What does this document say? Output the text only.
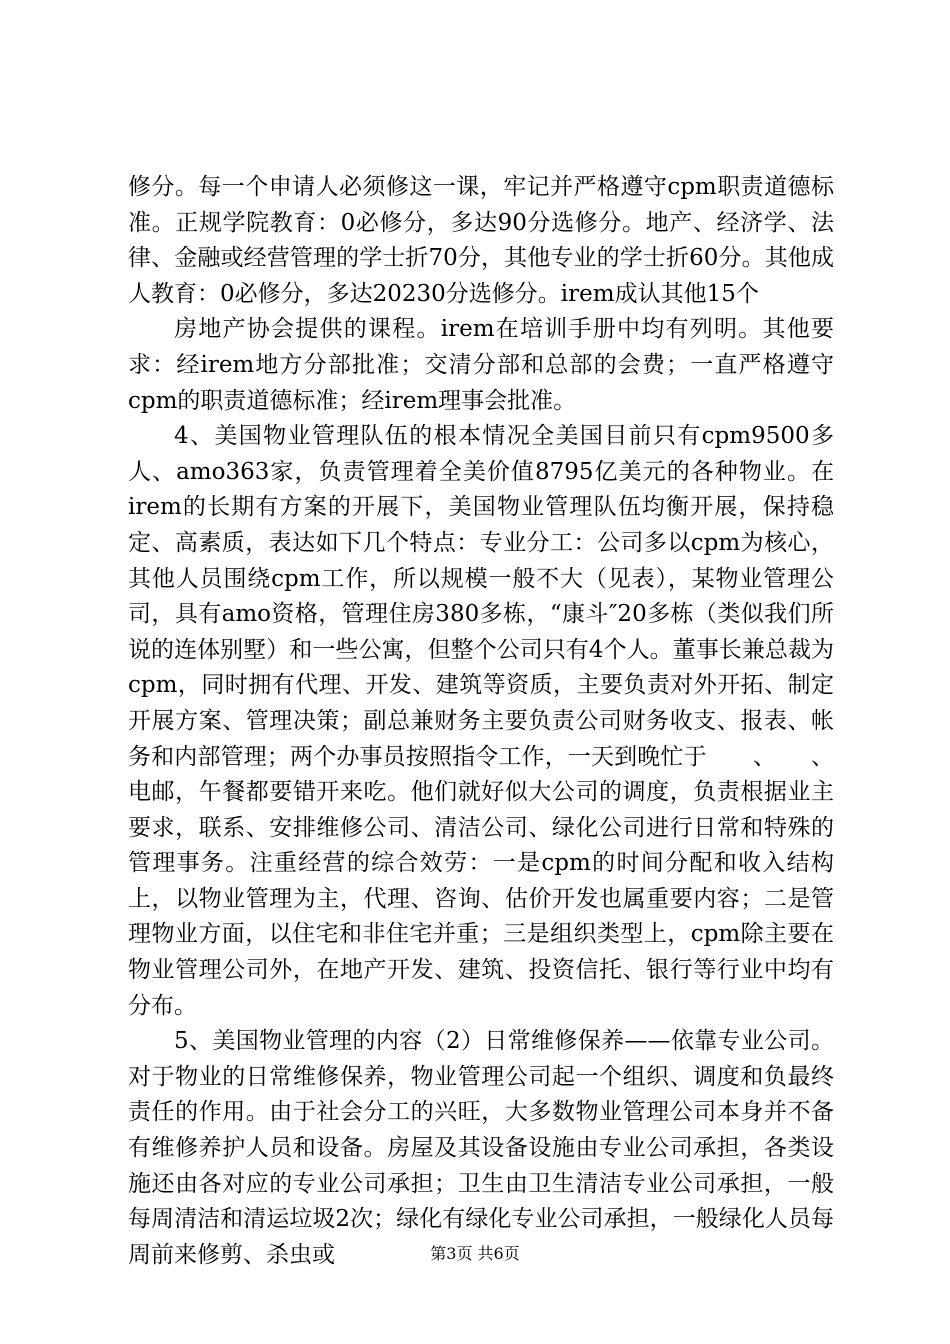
修分。每一个申请人必须修这一课，牢记并严格遵守cpm职责道德标准。正规学院教育：0必修分，多达90分选修分。地产、经济学、法律、金融或经营管理的学士折70分，其他专业的学士折60分。其他成人教育：0必修分，多达20230分选修分。irem成认其他15个

房地产协会提供的课程。irem在培训手册中均有列明。其他要求：经irem地方分部批准；交清分部和总部的会费；一直严格遵守cpm的职责道德标准；经irem理事会批准。

4、美国物业管理队伍的根本情况全美国目前只有cpm9500多人、amo363家，负责管理着全美价值8795亿美元的各种物业。在irem的长期有方案的开展下，美国物业管理队伍均衡开展，保持稳定、高素质，表达如下几个特点：专业分工：公司多以cpm为核心，其他人员围绕cpm工作，所以规模一般不大（见表），某物业管理公司，具有amo资格，管理住房380多栋，“康斗″20多栋（类似我们所说的连体别墅）和一些公寓，但整个公司只有4个人。董事长兼总裁为cpm，同时拥有代理、开发、建筑等资质，主要负责对外开拓、制定开展方案、管理决策；副总兼财务主要负责公司财务收支、报表、帐务和内部管理；两个办事员按照指令工作，一天到晚忙于　　、　　、电邮，午餐都要错开来吃。他们就好似大公司的调度，负责根据业主要求，联系、安排维修公司、清洁公司、绿化公司进行日常和特殊的管理事务。注重经营的综合效劳：一是cpm的时间分配和收入结构上，以物业管理为主，代理、咨询、估价开发也属重要内容；二是管理物业方面，以住宅和非住宅并重；三是组织类型上，cpm除主要在物业管理公司外，在地产开发、建筑、投资信托、银行等行业中均有分布。

5、美国物业管理的内容（2）日常维修保养——依靠专业公司。对于物业的日常维修保养，物业管理公司起一个组织、调度和负最终责任的作用。由于社会分工的兴旺，大多数物业管理公司本身并不备有维修养护人员和设备。房屋及其设备设施由专业公司承担，各类设施还由各对应的专业公司承担；卫生由卫生清洁专业公司承担，一般每周清洁和清运垃圾2次；绿化有绿化专业公司承担，一般绿化人员每周前来修剪、杀虫或	第3页 共6页
